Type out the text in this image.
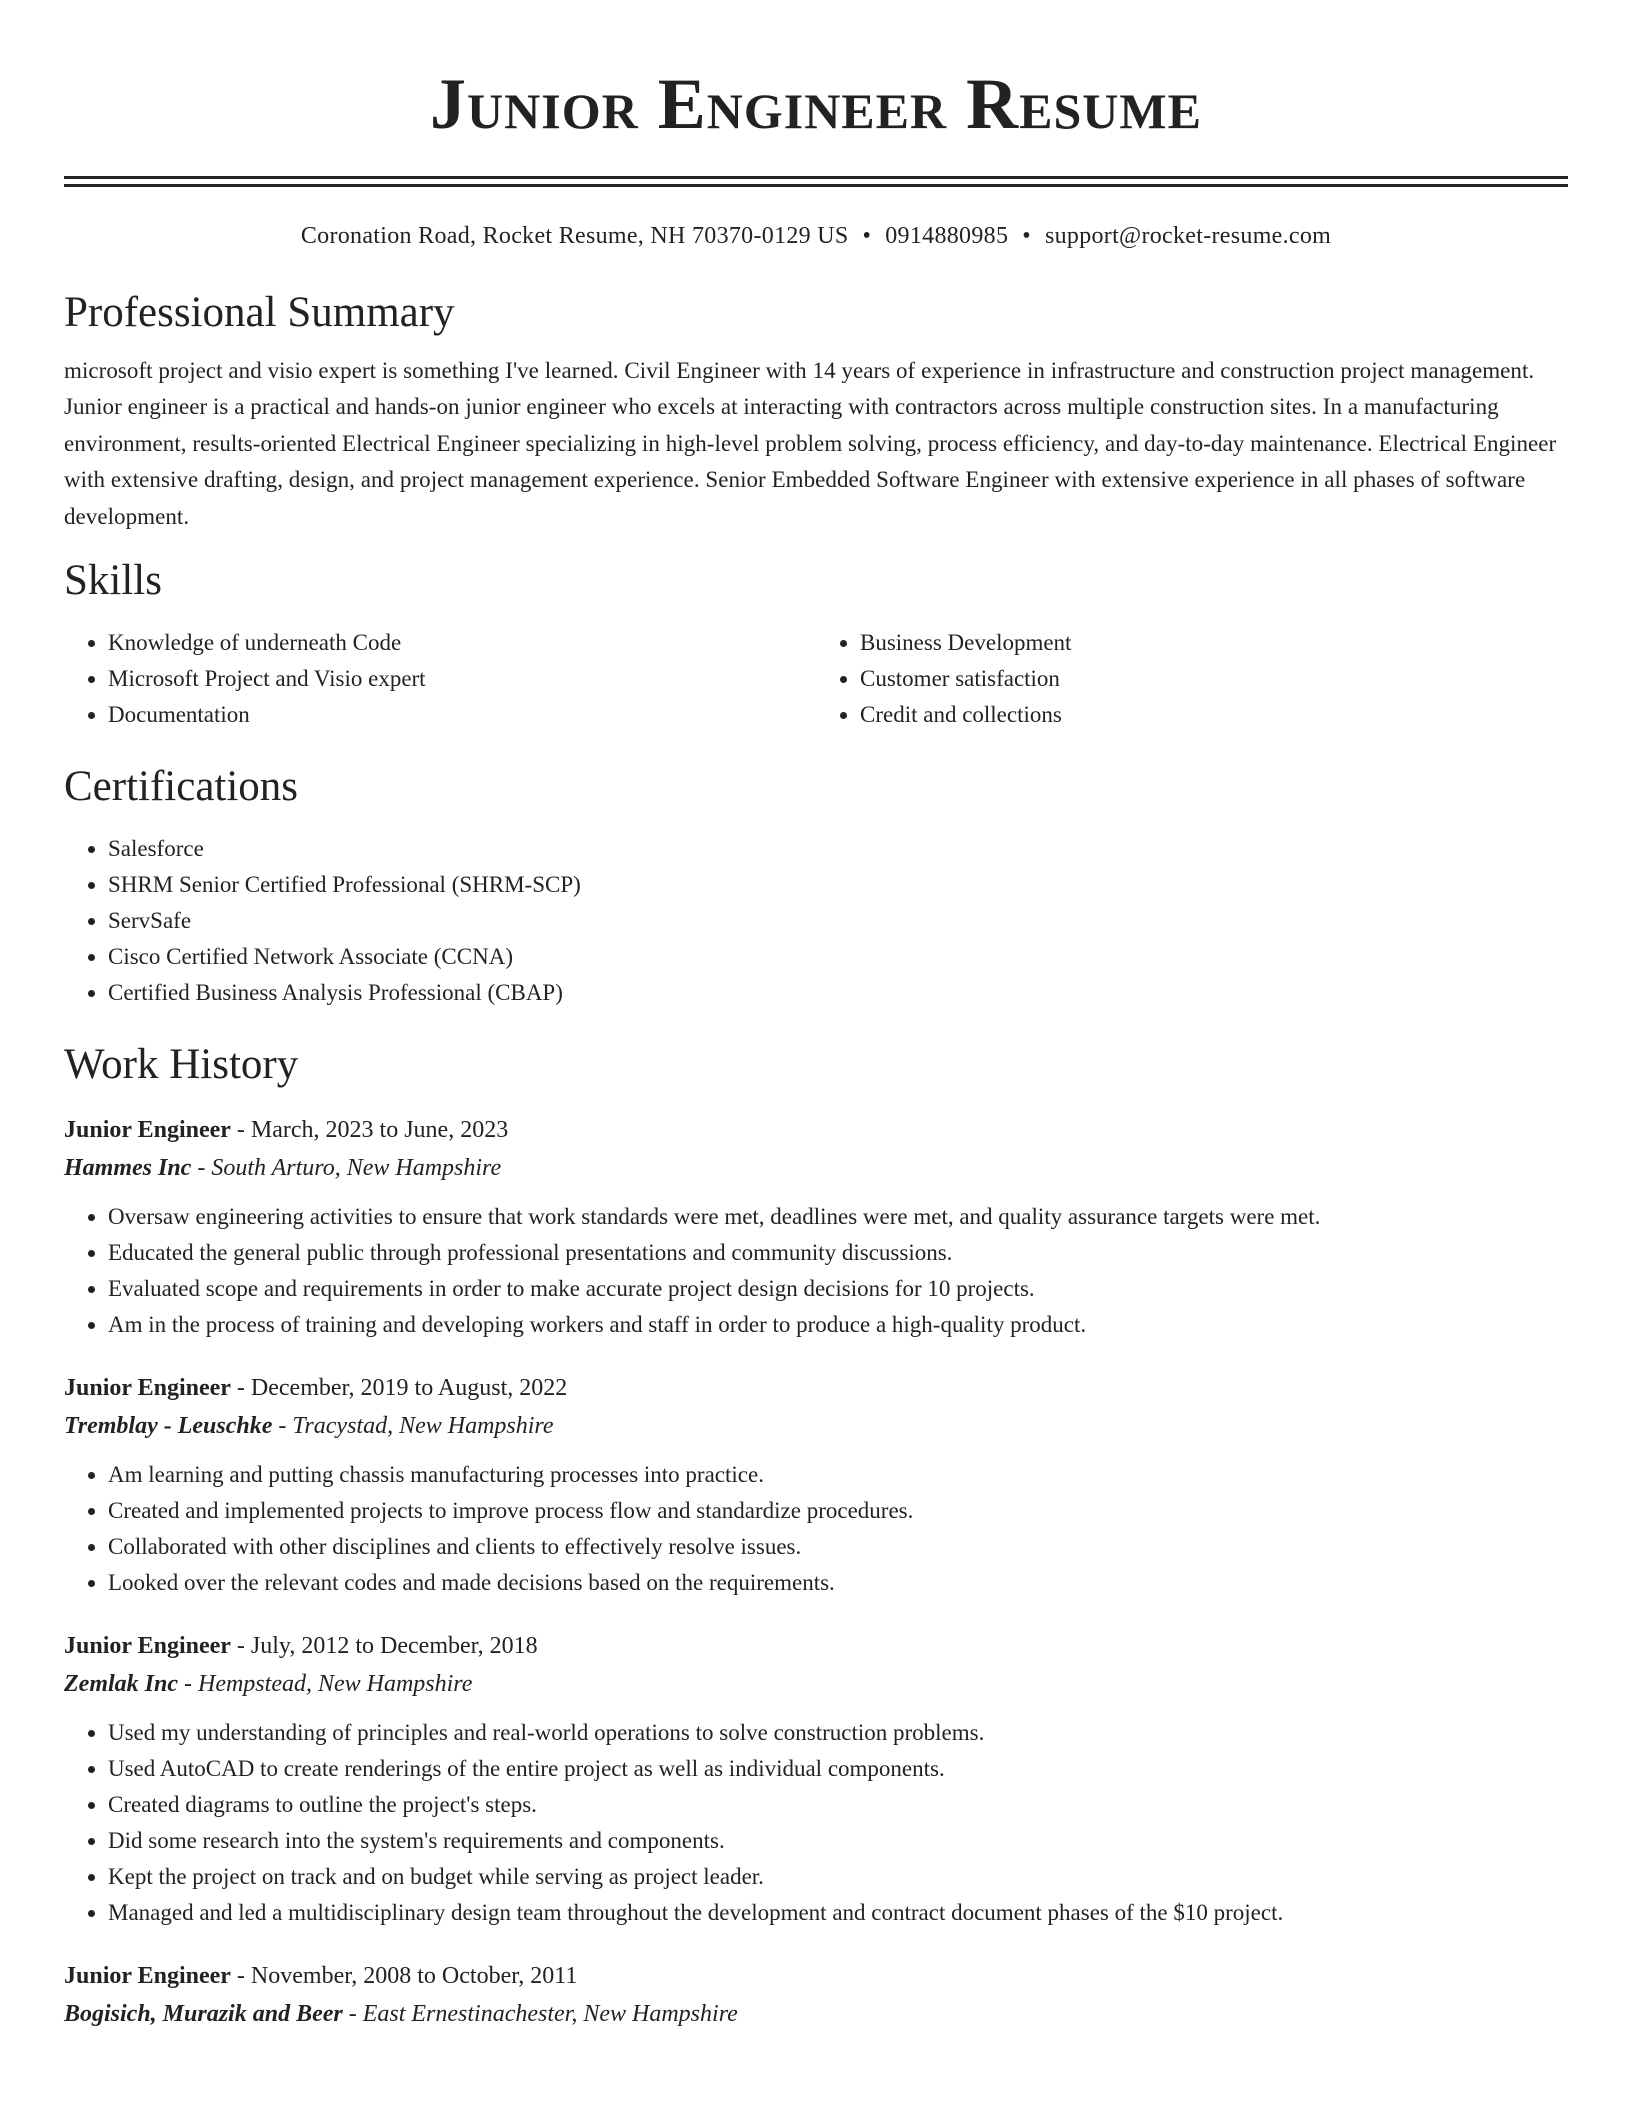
Junior Engineer Resume
Coronation Road, Rocket Resume, NH 70370-0129 US • 0914880985 • support@rocket-resume.com
Professional Summary

microsoft project and visio expert is something I've learned. Civil Engineer with 14 years of experience in infrastructure and construction project management. Junior engineer is a practical and hands-on junior engineer who excels at interacting with contractors across multiple construction sites. In a manufacturing environment, results-oriented Electrical Engineer specializing in high-level problem solving, process efficiency, and day-to-day maintenance. Electrical Engineer with extensive drafting, design, and project management experience. Senior Embedded Software Engineer with extensive experience in all phases of software development.

Skills
• Knowledge of underneath Code
• Microsoft Project and Visio expert
• Documentation
• Business Development
• Customer satisfaction
• Credit and collections
Certifications
• Salesforce
• SHRM Senior Certified Professional (SHRM-SCP)
• ServSafe
• Cisco Certified Network Associate (CCNA)
• Certified Business Analysis Professional (CBAP)
Work History
Junior Engineer - March, 2023 to June, 2023
Hammes Inc - South Arturo, New Hampshire
• Oversaw engineering activities to ensure that work standards were met, deadlines were met, and quality assurance targets were met.
• Educated the general public through professional presentations and community discussions.
• Evaluated scope and requirements in order to make accurate project design decisions for 10 projects.
• Am in the process of training and developing workers and staff in order to produce a high-quality product.
Junior Engineer - December, 2019 to August, 2022
Tremblay - Leuschke - Tracystad, New Hampshire
• Am learning and putting chassis manufacturing processes into practice.
• Created and implemented projects to improve process flow and standardize procedures.
• Collaborated with other disciplines and clients to effectively resolve issues.
• Looked over the relevant codes and made decisions based on the requirements.
Junior Engineer - July, 2012 to December, 2018
Zemlak Inc - Hempstead, New Hampshire
• Used my understanding of principles and real-world operations to solve construction problems.
• Used AutoCAD to create renderings of the entire project as well as individual components.
• Created diagrams to outline the project's steps.
• Did some research into the system's requirements and components.
• Kept the project on track and on budget while serving as project leader.
• Managed and led a multidisciplinary design team throughout the development and contract document phases of the $10 project.
Junior Engineer - November, 2008 to October, 2011
Bogisich, Murazik and Beer - East Ernestinachester, New Hampshire
